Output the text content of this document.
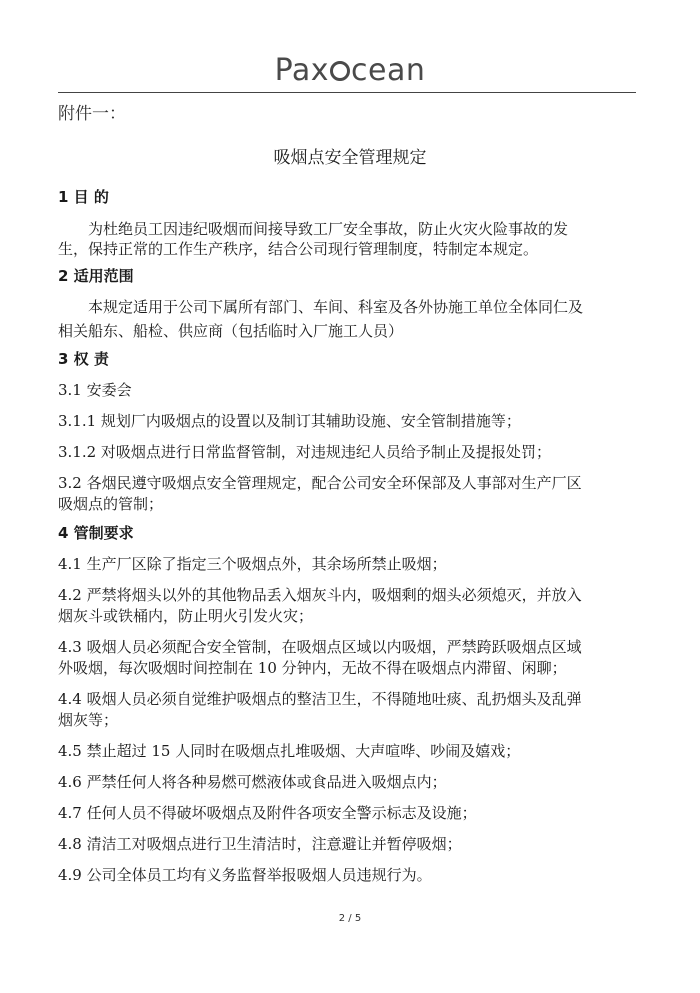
Pax cean
附件一：
吸烟点安全管理规定
1 目 的
为杜绝员工因违纪吸烟而间接导致工厂安全事故，防止火灾火险事故的发
生，保持正常的工作生产秩序，结合公司现行管理制度，特制定本规定。
2 适用范围
本规定适用于公司下属所有部门、车间、科室及各外协施工单位全体同仁及
相关船东、船检、供应商（包括临时入厂施工人员）
3 权 责
3.1 安委会
3.1.1 规划厂内吸烟点的设置以及制订其辅助设施、安全管制措施等；
3.1.2 对吸烟点进行日常监督管制，对违规违纪人员给予制止及提报处罚；
3.2 各烟民遵守吸烟点安全管理规定，配合公司安全环保部及人事部对生产厂区
吸烟点的管制；
4 管制要求
4.1 生产厂区除了指定三个吸烟点外，其余场所禁止吸烟；
4.2 严禁将烟头以外的其他物品丢入烟灰斗内，吸烟剩的烟头必须熄灭，并放入
烟灰斗或铁桶内，防止明火引发火灾；
4.3 吸烟人员必须配合安全管制，在吸烟点区域以内吸烟，严禁跨跃吸烟点区域
外吸烟，每次吸烟时间控制在 10 分钟内，无故不得在吸烟点内滞留、闲聊；
4.4 吸烟人员必须自觉维护吸烟点的整洁卫生，不得随地吐痰、乱扔烟头及乱弹
烟灰等；
4.5 禁止超过 15 人同时在吸烟点扎堆吸烟、大声喧哗、吵闹及嬉戏；
4.6 严禁任何人将各种易燃可燃液体或食品进入吸烟点内；
4.7 任何人员不得破坏吸烟点及附件各项安全警示标志及设施；
4.8 清洁工对吸烟点进行卫生清洁时，注意避让并暂停吸烟；
4.9 公司全体员工均有义务监督举报吸烟人员违规行为。
2 / 5
